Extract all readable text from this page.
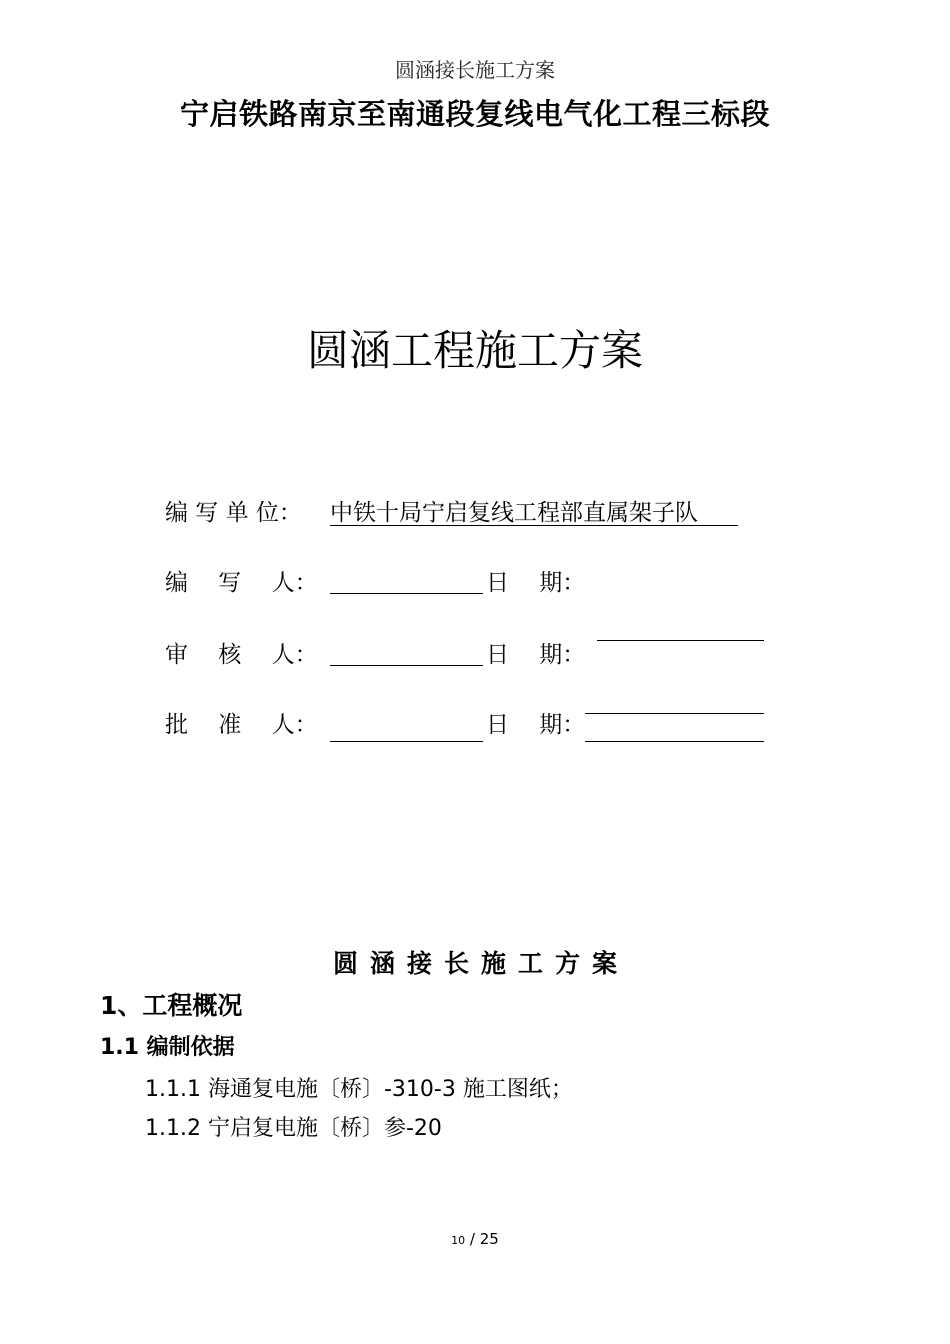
圆涵接长施工方案
宁启铁路南京至南通段复线电气化工程三标段
圆涵工程施工方案
编 写 单 位： 中铁十局宁启复线工程部直属架子队
编　 写　 人：	日　 期：
审　 核　 人：	日　 期：
批　 准　 人：	日　 期：
圆涵接长施工方案
1、工程概况
1.1 编制依据
1.1.1 海通复电施〔桥〕-310-3 施工图纸；
1.1.2 宁启复电施〔桥〕参-20
10 / 25
